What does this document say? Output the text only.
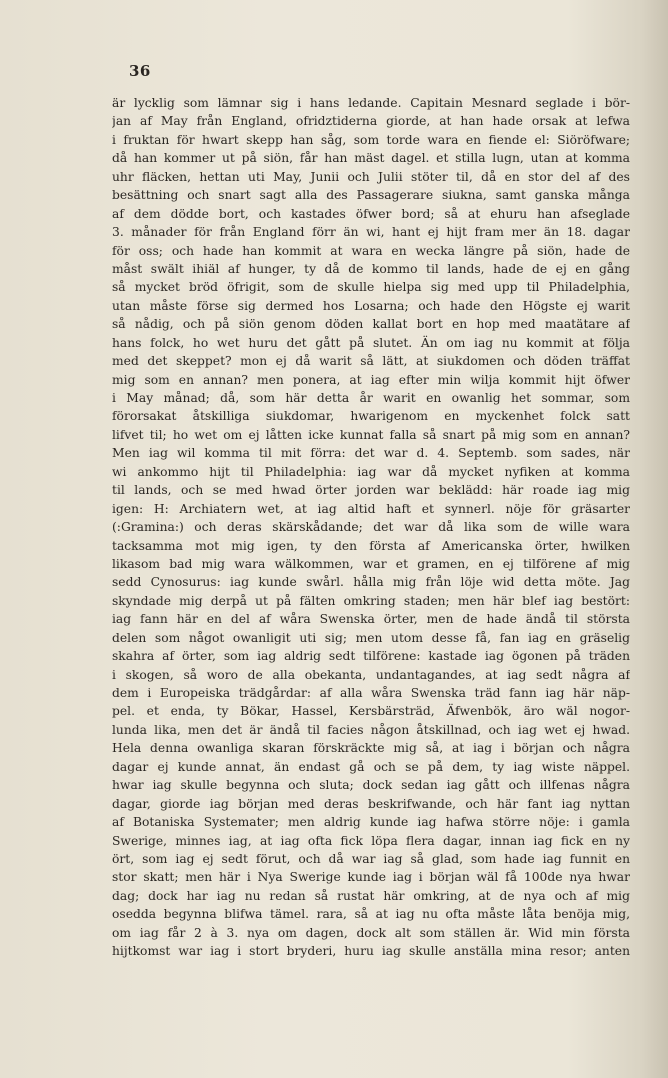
36
är lycklig som lämnar sig i hans ledande. Capitain Mesnard seglade i bör-
jan af May från England, ofridztiderna giorde, at han hade orsak at lefwa
i fruktan för hwart skepp han såg, som torde wara en fiende el: Siöröfware;
då han kommer ut på siön, får han mäst dagel. et stilla lugn, utan at komma
uhr fläcken, hettan uti May, Junii och Julii stöter til, då en stor del af des
besättning och snart sagt alla des Passagerare siukna, samt ganska många
af dem dödde bort, och kastades öfwer bord; så at ehuru han afseglade
3. månader för från England förr än wi, hant ej hijt fram mer än 18. dagar
för oss; och hade han kommit at wara en wecka längre på siön, hade de
måst swält ihiäl af hunger, ty då de kommo til lands, hade de ej en gång
så mycket bröd öfrigit, som de skulle hielpa sig med upp til Philadelphia,
utan måste förse sig dermed hos Losarna; och hade den Högste ej warit
så nådig, och på siön genom döden kallat bort en hop med maatätare af
hans folck, ho wet huru det gått på slutet. Än om iag nu kommit at följa
med det skeppet? mon ej då warit så lätt, at siukdomen och döden träffat
mig som en annan? men ponera, at iag efter min wilja kommit hijt öfwer
i May månad; då, som här detta år warit en owanlig het sommar, som
förorsakat åtskilliga siukdomar, hwarigenom en myckenhet folck satt
lifvet til; ho wet om ej låtten icke kunnat falla så snart på mig som en annan?
Men iag wil komma til mit förra: det war d. 4. Septemb. som sades, när
wi ankommo hijt til Philadelphia: iag war då mycket nyfiken at komma
til lands, och se med hwad örter jorden war beklädd: här roade iag mig
igen: H: Archiatern wet, at iag altid haft et synnerl. nöje för gräsarter
(:Gramina:) och deras skärskådande; det war då lika som de wille wara
tacksamma mot mig igen, ty den första af Americanska örter, hwilken
likasom bad mig wara wälkommen, war et gramen, en ej tilförene af mig
sedd Cynosurus: iag kunde swårl. hålla mig från löje wid detta möte. Jag
skyndade mig derpå ut på fälten omkring staden; men här blef iag bestört:
iag fann här en del af wåra Swenska örter, men de hade ändå til största
delen som något owanligit uti sig; men utom desse få, fan iag en gräselig
skahra af örter, som iag aldrig sedt tilförene: kastade iag ögonen på träden
i skogen, så woro de alla obekanta, undantagandes, at iag sedt några af
dem i Europeiska trädgårdar: af alla wåra Swenska träd fann iag här näp-
pel. et enda, ty Bökar, Hassel, Kersbärsträd, Äfwenbök, äro wäl nogor-
lunda lika, men det är ändå til facies någon åtskillnad, och iag wet ej hwad.
Hela denna owanliga skaran förskräckte mig så, at iag i början och några
dagar ej kunde annat, än endast gå och se på dem, ty iag wiste näppel.
hwar iag skulle begynna och sluta; dock sedan iag gått och illfenas några
dagar, giorde iag början med deras beskrifwande, och här fant iag nyttan
af Botaniska Systemater; men aldrig kunde iag hafwa större nöje: i gamla
Swerige, minnes iag, at iag ofta fick löpa flera dagar, innan iag fick en ny
ört, som iag ej sedt förut, och då war iag så glad, som hade iag funnit en
stor skatt; men här i Nya Swerige kunde iag i början wäl få 100de nya hwar
dag; dock har iag nu redan så rustat här omkring, at de nya och af mig
osedda begynna blifwa tämel. rara, så at iag nu ofta måste låta benöja mig,
om iag får 2 à 3. nya om dagen, dock alt som ställen är. Wid min första
hijtkomst war iag i stort bryderi, huru iag skulle anställa mina resor; anten
